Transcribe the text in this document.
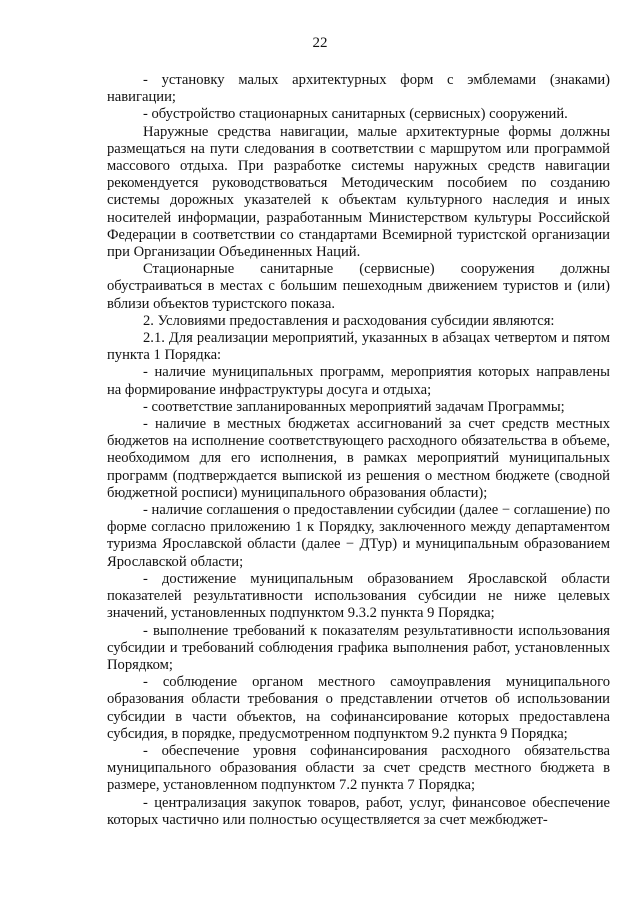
22

- установку малых архитектурных форм с эмблемами (знаками) навигации;

- обустройство стационарных санитарных (сервисных) сооружений.

Наружные средства навигации, малые архитектурные формы должны размещаться на пути следования в соответствии с маршрутом или программой массового отдыха. При разработке системы наружных средств навигации рекомендуется руководствоваться Методическим пособием по созданию системы дорожных указателей к объектам культурного наследия и иных носителей информации, разработанным Министерством культуры Российской Федерации в соответствии со стандартами Всемирной туристской организации при Организации Объединенных Наций.

Стационарные санитарные (сервисные) сооружения должны обустраиваться в местах с большим пешеходным движением туристов и (или) вблизи объектов туристского показа.

2. Условиями предоставления и расходования субсидии являются:

2.1. Для реализации мероприятий, указанных в абзацах четвертом и пятом пункта 1 Порядка:

- наличие муниципальных программ, мероприятия которых направлены на формирование инфраструктуры досуга и отдыха;

- соответствие запланированных мероприятий задачам Программы;

- наличие в местных бюджетах ассигнований за счет средств местных бюджетов на исполнение соответствующего расходного обязательства в объеме, необходимом для его исполнения, в рамках мероприятий муниципальных программ (подтверждается выпиской из решения о местном бюджете (сводной бюджетной росписи) муниципального образования области);

- наличие соглашения о предоставлении субсидии (далее − соглашение) по форме согласно приложению 1 к Порядку, заключенного между департаментом туризма Ярославской области (далее − ДТур) и муниципальным образованием Ярославской области;

- достижение муниципальным образованием Ярославской области показателей результативности использования субсидии не ниже целевых значений, установленных подпунктом 9.3.2 пункта 9 Порядка;

- выполнение требований к показателям результативности использования субсидии и требований соблюдения графика выполнения работ, установленных Порядком;

- соблюдение органом местного самоуправления муниципального образования области требования о представлении отчетов об использовании субсидии в части объектов, на софинансирование которых предоставлена субсидия, в порядке, предусмотренном подпунктом 9.2 пункта 9 Порядка;

- обеспечение уровня софинансирования расходного обязательства муниципального образования области за счет средств местного бюджета в размере, установленном подпунктом 7.2 пункта 7 Порядка;

- централизация закупок товаров, работ, услуг, финансовое обеспечение которых частично или полностью осуществляется за счет межбюджет-
